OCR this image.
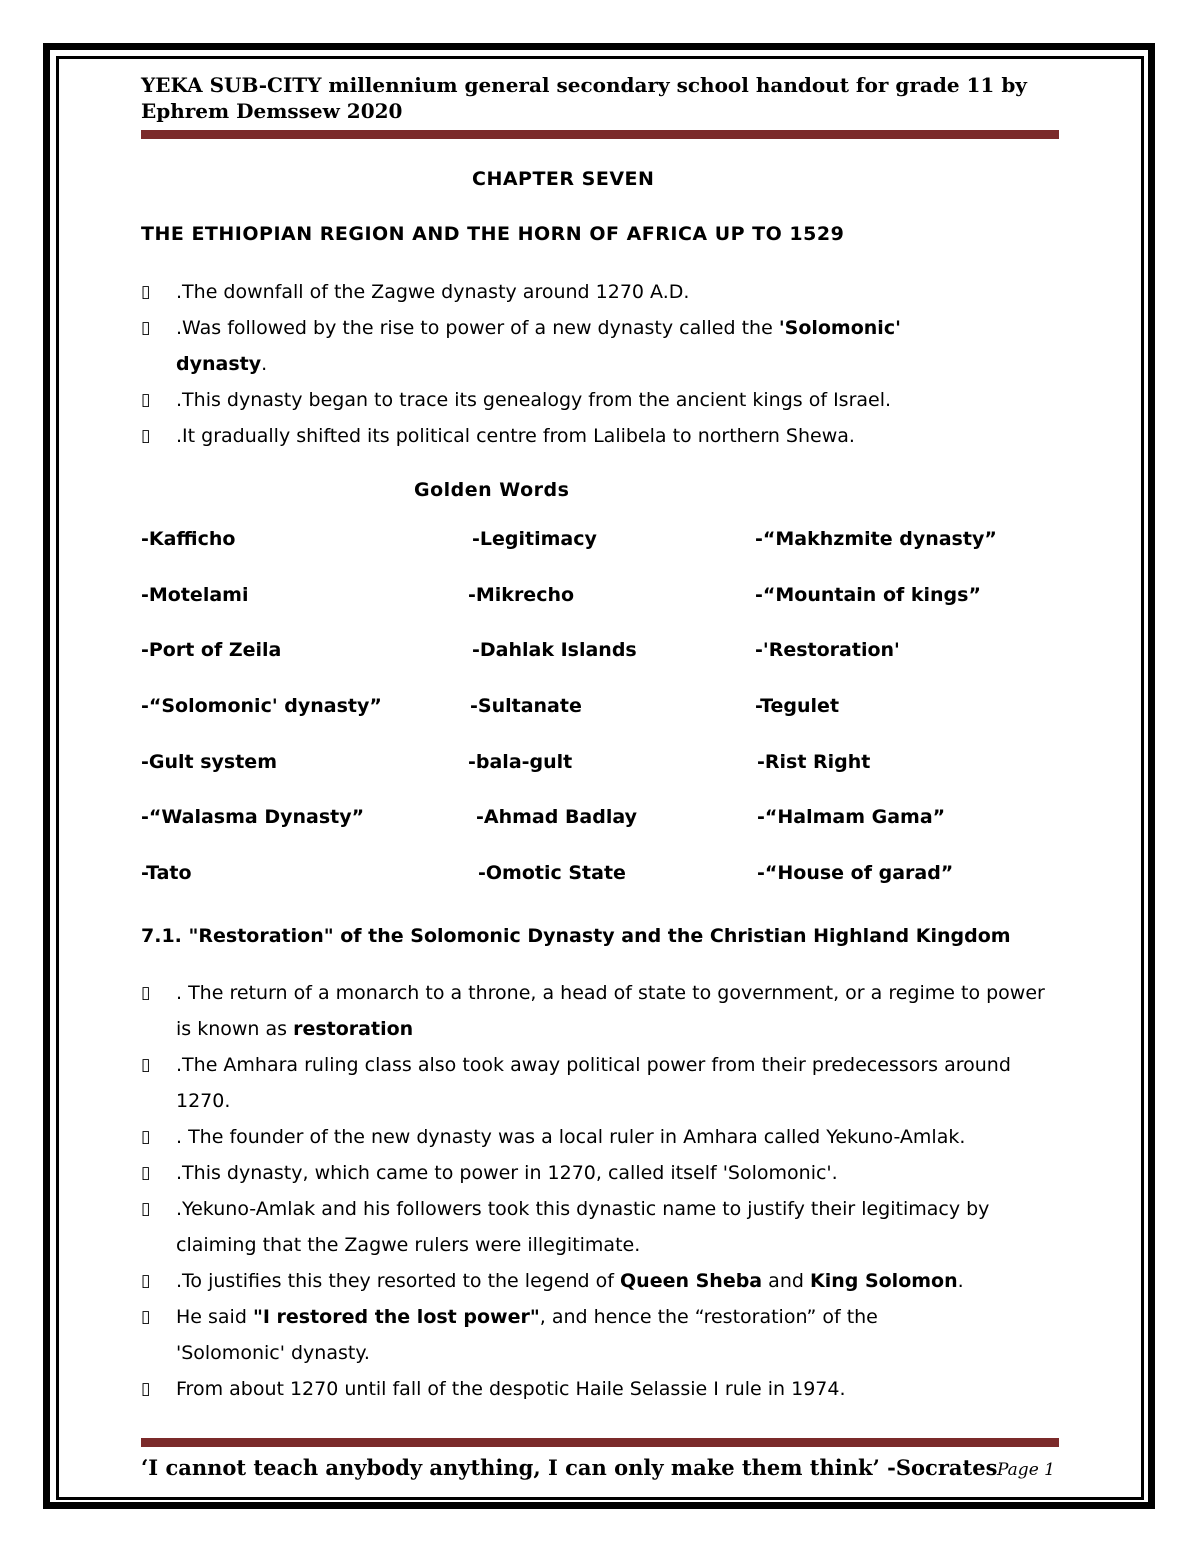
YEKA SUB-CITY millennium general secondary school handout for grade 11 by
Ephrem Demssew 2020
CHAPTER SEVEN
THE ETHIOPIAN REGION AND THE HORN OF AFRICA UP TO 1529
▯ .The downfall of the Zagwe dynasty around 1270 A.D.
▯ .Was followed by the rise to power of a new dynasty called the 'Solomonic' dynasty.
▯ .This dynasty began to trace its genealogy from the ancient kings of Israel.
▯ .It gradually shifted its political centre from Lalibela to northern Shewa.
Golden Words
-Kafficho	-Legitimacy	-“Makhzmite dynasty”
-Motelami	-Mikrecho	-“Mountain of kings”
-Port of Zeila	-Dahlak Islands	-'Restoration'
-“Solomonic' dynasty”	-Sultanate	-Tegulet
-Gult system	-bala-gult	-Rist Right
-“Walasma Dynasty”	-Ahmad Badlay	-“Halmam Gama”
-Tato	-Omotic State	-“House of garad”
7.1. "Restoration" of the Solomonic Dynasty and the Christian Highland Kingdom
▯ . The return of a monarch to a throne, a head of state to government, or a regime to power is known as restoration
▯ .The Amhara ruling class also took away political power from their predecessors around 1270.
▯ . The founder of the new dynasty was a local ruler in Amhara called Yekuno-Amlak.
▯ .This dynasty, which came to power in 1270, called itself 'Solomonic'.
▯ .Yekuno-Amlak and his followers took this dynastic name to justify their legitimacy by claiming that the Zagwe rulers were illegitimate.
▯ .To justifies this they resorted to the legend of Queen Sheba and King Solomon.
▯ He said "I restored the lost power", and hence the “restoration” of the 'Solomonic' dynasty.
▯ From about 1270 until fall of the despotic Haile Selassie I rule in 1974.
‘I cannot teach anybody anything, I can only make them think’ -Socrates Page 1
